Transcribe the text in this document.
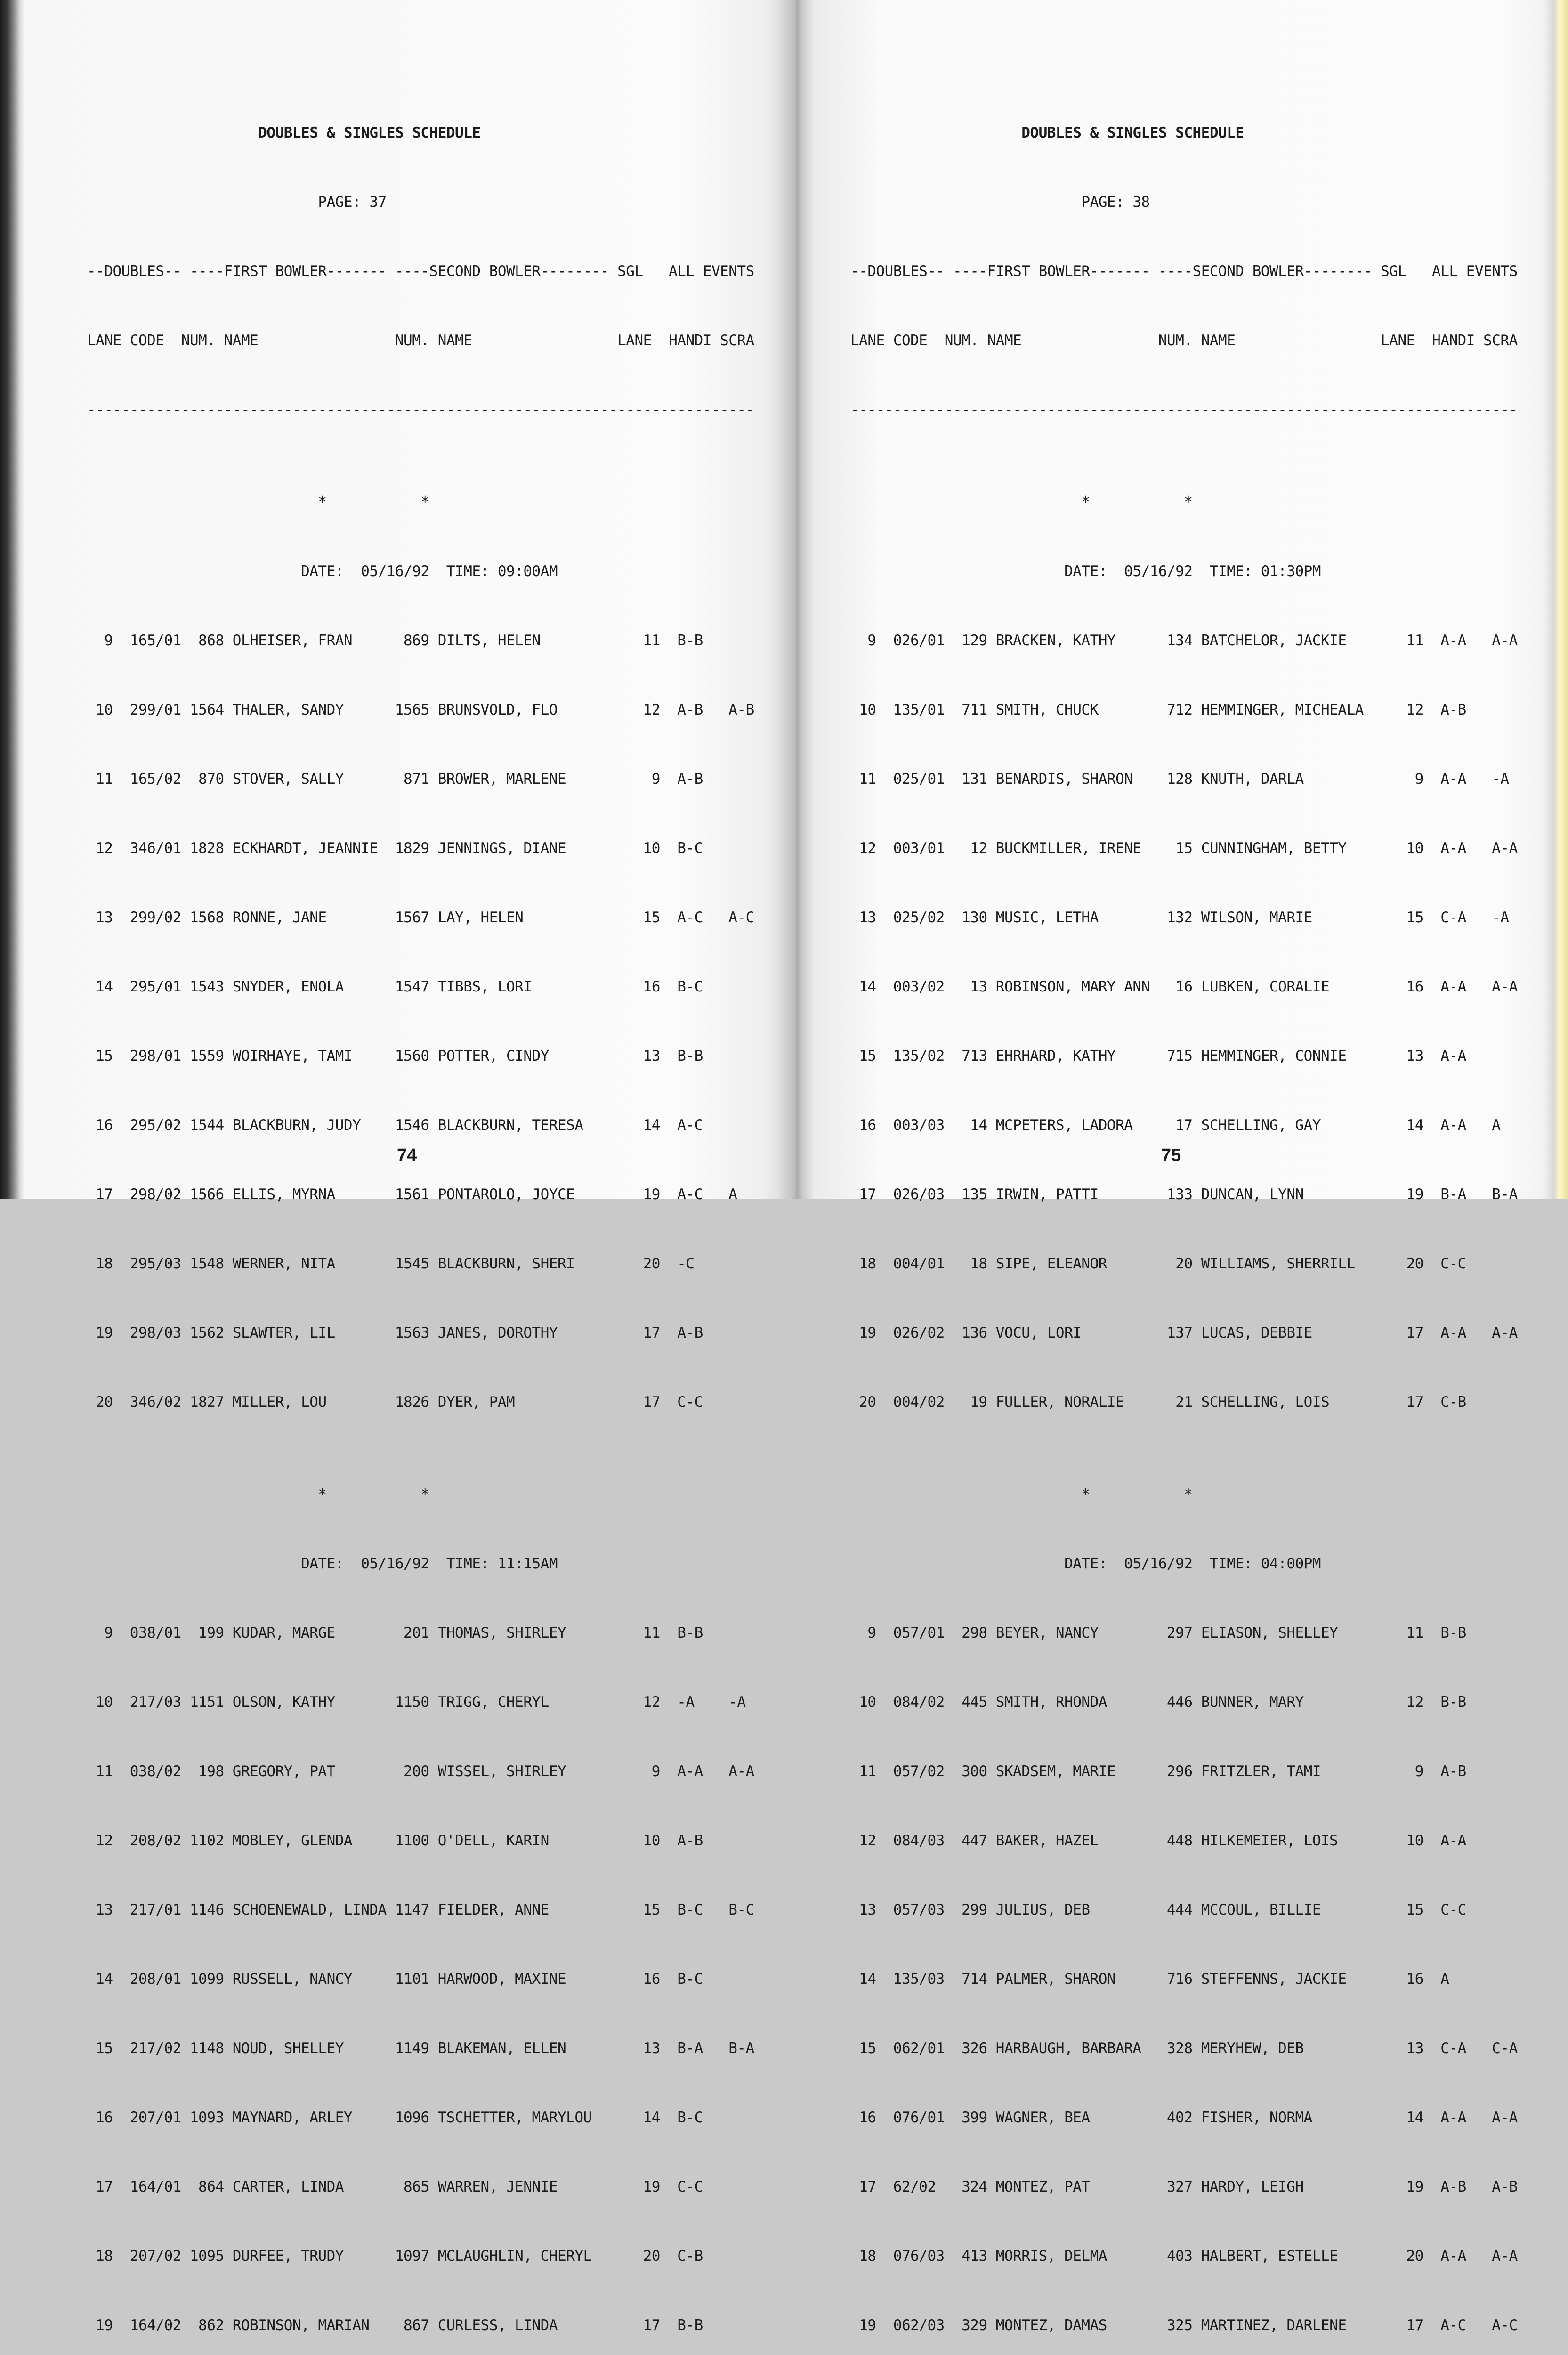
DOUBLES & SINGLES SCHEDULE

PAGE: 37

--DOUBLES-- ----FIRST BOWLER------- ----SECOND BOWLER-------- SGL   ALL EVENTS

LANE CODE  NUM. NAME                NUM. NAME                 LANE  HANDI SCRA

------------------------------------------------------------------------------

*           *

DATE:  05/16/92  TIME: 09:00AM

9  165/01  868 OLHEISER, FRAN      869 DILTS, HELEN            11  B-B

10  299/01 1564 THALER, SANDY      1565 BRUNSVOLD, FLO          12  A-B   A-B

11  165/02  870 STOVER, SALLY       871 BROWER, MARLENE          9  A-B

12  346/01 1828 ECKHARDT, JEANNIE  1829 JENNINGS, DIANE         10  B-C

13  299/02 1568 RONNE, JANE        1567 LAY, HELEN              15  A-C   A-C

14  295/01 1543 SNYDER, ENOLA      1547 TIBBS, LORI             16  B-C

15  298/01 1559 WOIRHAYE, TAMI     1560 POTTER, CINDY           13  B-B

16  295/02 1544 BLACKBURN, JUDY    1546 BLACKBURN, TERESA       14  A-C

17  298/02 1566 ELLIS, MYRNA       1561 PONTAROLO, JOYCE        19  A-C   A

18  295/03 1548 WERNER, NITA       1545 BLACKBURN, SHERI        20  -C

19  298/03 1562 SLAWTER, LIL       1563 JANES, DOROTHY          17  A-B

20  346/02 1827 MILLER, LOU        1826 DYER, PAM               17  C-C

*           *

DATE:  05/16/92  TIME: 11:15AM

9  038/01  199 KUDAR, MARGE        201 THOMAS, SHIRLEY         11  B-B

10  217/03 1151 OLSON, KATHY       1150 TRIGG, CHERYL           12  -A    -A

11  038/02  198 GREGORY, PAT        200 WISSEL, SHIRLEY          9  A-A   A-A

12  208/02 1102 MOBLEY, GLENDA     1100 O'DELL, KARIN           10  A-B

13  217/01 1146 SCHOENEWALD, LINDA 1147 FIELDER, ANNE           15  B-C   B-C

14  208/01 1099 RUSSELL, NANCY     1101 HARWOOD, MAXINE         16  B-C

15  217/02 1148 NOUD, SHELLEY      1149 BLAKEMAN, ELLEN         13  B-A   B-A

16  207/01 1093 MAYNARD, ARLEY     1096 TSCHETTER, MARYLOU      14  B-C

17  164/01  864 CARTER, LINDA       865 WARREN, JENNIE          19  C-C

18  207/02 1095 DURFEE, TRUDY      1097 MCLAUGHLIN, CHERYL      20  C-B

19  164/02  862 ROBINSON, MARIAN    867 CURLESS, LINDA          17  B-B

74

DOUBLES & SINGLES SCHEDULE

PAGE: 38

--DOUBLES-- ----FIRST BOWLER------- ----SECOND BOWLER-------- SGL   ALL EVENTS

LANE CODE  NUM. NAME                NUM. NAME                 LANE  HANDI SCRA

------------------------------------------------------------------------------

*           *

DATE:  05/16/92  TIME: 01:30PM

9  026/01  129 BRACKEN, KATHY      134 BATCHELOR, JACKIE       11  A-A   A-A

10  135/01  711 SMITH, CHUCK        712 HEMMINGER, MICHEALA     12  A-B

11  025/01  131 BENARDIS, SHARON    128 KNUTH, DARLA             9  A-A   -A

12  003/01   12 BUCKMILLER, IRENE    15 CUNNINGHAM, BETTY       10  A-A   A-A

13  025/02  130 MUSIC, LETHA        132 WILSON, MARIE           15  C-A   -A

14  003/02   13 ROBINSON, MARY ANN   16 LUBKEN, CORALIE         16  A-A   A-A

15  135/02  713 EHRHARD, KATHY      715 HEMMINGER, CONNIE       13  A-A

16  003/03   14 MCPETERS, LADORA     17 SCHELLING, GAY          14  A-A   A

17  026/03  135 IRWIN, PATTI        133 DUNCAN, LYNN            19  B-A   B-A

18  004/01   18 SIPE, ELEANOR        20 WILLIAMS, SHERRILL      20  C-C

19  026/02  136 VOCU, LORI          137 LUCAS, DEBBIE           17  A-A   A-A

20  004/02   19 FULLER, NORALIE      21 SCHELLING, LOIS         17  C-B

*           *

DATE:  05/16/92  TIME: 04:00PM

9  057/01  298 BEYER, NANCY        297 ELIASON, SHELLEY        11  B-B

10  084/02  445 SMITH, RHONDA       446 BUNNER, MARY            12  B-B

11  057/02  300 SKADSEM, MARIE      296 FRITZLER, TAMI           9  A-B

12  084/03  447 BAKER, HAZEL        448 HILKEMEIER, LOIS        10  A-A

13  057/03  299 JULIUS, DEB         444 MCCOUL, BILLIE          15  C-C

14  135/03  714 PALMER, SHARON      716 STEFFENNS, JACKIE       16  A

15  062/01  326 HARBAUGH, BARBARA   328 MERYHEW, DEB            13  C-A   C-A

16  076/01  399 WAGNER, BEA         402 FISHER, NORMA           14  A-A   A-A

17  62/02   324 MONTEZ, PAT         327 HARDY, LEIGH            19  A-B   A-B

18  076/03  413 MORRIS, DELMA       403 HALBERT, ESTELLE        20  A-A   A-A

19  062/03  329 MONTEZ, DAMAS       325 MARTINEZ, DARLENE       17  A-C   A-C

75
